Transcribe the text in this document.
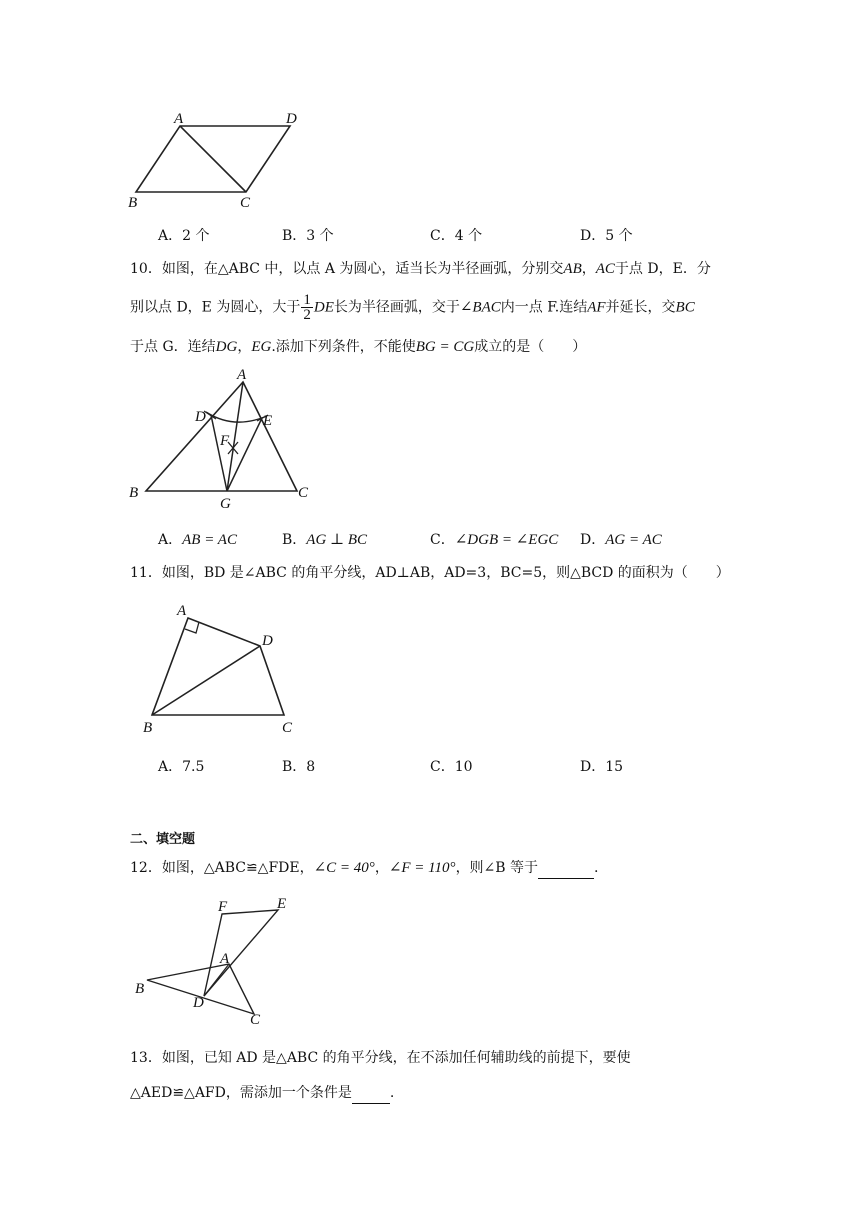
A	D
B	C
A．2 个	B．3 个	C．4 个	D．5 个
10．如图，在△ABC 中，以点 A 为圆心，适当长为半径画弧，分别交AB，AC于点 D，E．分
别以点 D，E 为圆心，大于 $\frac{1}{2}$ DE长为半径画弧，交于∠BAC内一点 F.连结AF并延长，交BC
于点 G．连结DG，EG.添加下列条件，不能使BG = CG成立的是（　　）
A
D	E
F
B
G
C
A．AB = AC	B．AG ⊥ BC	C．∠DGB = ∠EGC D．AG = AC
11．如图，BD 是∠ABC 的角平分线，AD⊥AB，AD=3，BC=5，则△BCD 的面积为（　　）
A
D
B	C
A．7.5	B．8	C．10	D．15
二、填空题
12．如图，△ABC≌△FDE，∠C = 40°，∠F = 110°，则∠B 等于	.
F	E
A
B
D
C
13．如图，已知 AD 是△ABC 的角平分线，在不添加任何辅助线的前提下，要使
△AED≌△AFD，需添加一个条件是	.
